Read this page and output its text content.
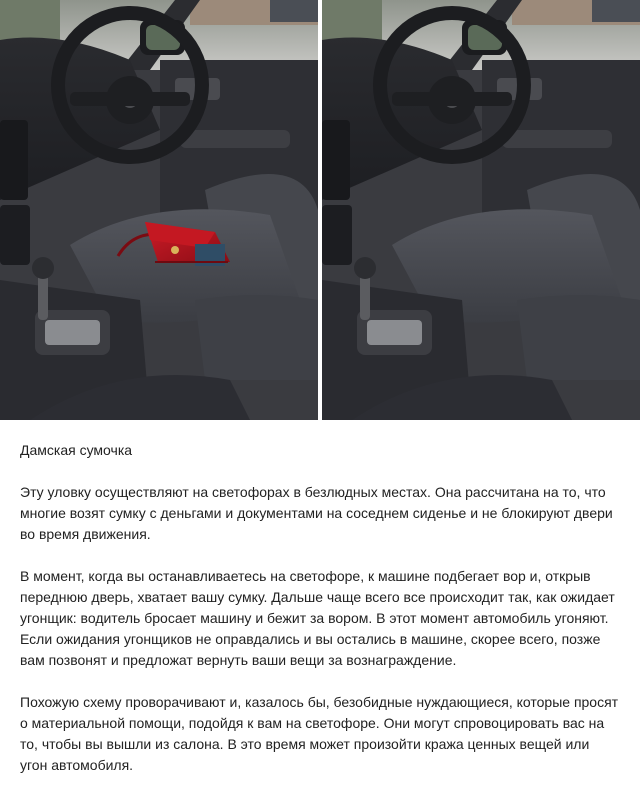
Дамская сумочка

Эту уловку осуществляют на светофорах в безлюдных местах. Она рассчитана на то, что многие возят сумку с деньгами и документами на соседнем сиденье и не блокируют двери во время движения.

В момент, когда вы останавливаетесь на светофоре, к машине подбегает вор и, открыв переднюю дверь, хватает вашу сумку. Дальше чаще всего все происходит так, как ожидает угонщик: водитель бросает машину и бежит за вором. В этот момент автомобиль угоняют. Если ожидания угонщиков не оправдались и вы остались в машине, скорее всего, позже вам позвонят и предложат вернуть ваши вещи за вознаграждение.

Похожую схему проворачивают и, казалось бы, безобидные нуждающиеся, которые просят о материальной помощи, подойдя к вам на светофоре. Они могут спровоцировать вас на то, чтобы вы вышли из салона. В это время может произойти кража ценных вещей или угон автомобиля.
